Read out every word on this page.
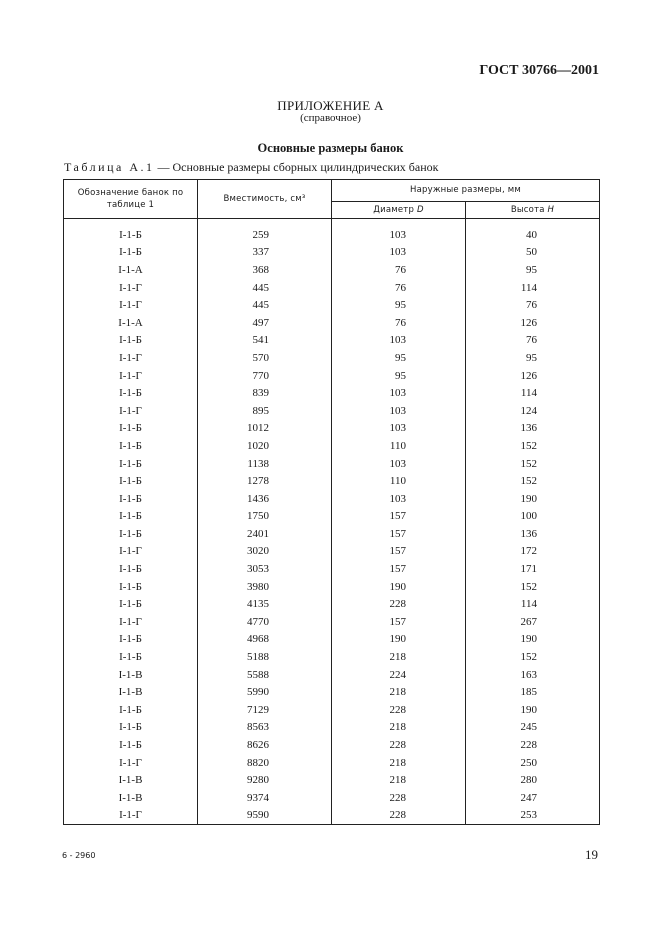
ГОСТ 30766—2001
ПРИЛОЖЕНИЕ А
(справочное)
Основные размеры банок
Таблица А.1 — Основные размеры сборных цилиндрических банок
Обозначение банок по таблице 1	Вместимость, см³	Наружные размеры, мм	
		Диаметр D	Высота H

I-1-Б	259	103	40
I-1-Б	337	103	50
I-1-А	368	76	95
I-1-Г	445	76	114
I-1-Г	445	95	76
I-1-А	497	76	126
I-1-Б	541	103	76
I-1-Г	570	95	95
I-1-Г	770	95	126
I-1-Б	839	103	114
I-1-Г	895	103	124
I-1-Б	1012	103	136
I-1-Б	1020	110	152
I-1-Б	1138	103	152
I-1-Б	1278	110	152
I-1-Б	1436	103	190
I-1-Б	1750	157	100
I-1-Б	2401	157	136
I-1-Г	3020	157	172
I-1-Б	3053	157	171
I-1-Б	3980	190	152
I-1-Б	4135	228	114
I-1-Г	4770	157	267
I-1-Б	4968	190	190
I-1-Б	5188	218	152
I-1-В	5588	224	163
I-1-В	5990	218	185
I-1-Б	7129	228	190
I-1-Б	8563	218	245
I-1-Б	8626	228	228
I-1-Г	8820	218	250
I-1-В	9280	218	280
I-1-В	9374	228	247
I-1-Г	9590	228	253
6 - 2960	19
